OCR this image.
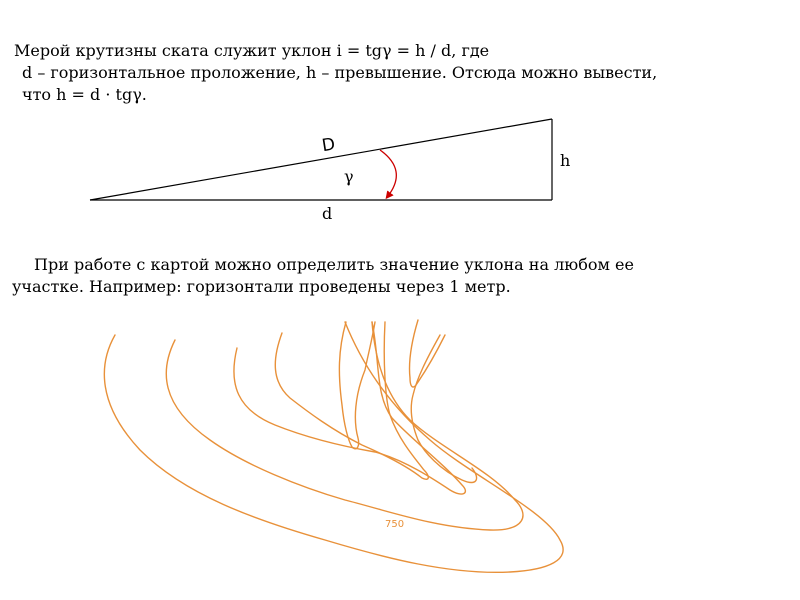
Мерой крутизны ската служит уклон i = tgγ = h / d, где
d – горизонтальное проложение, h – превышение. Отсюда можно вывести,
что h = d · tgγ.
D
h
γ
d
750
При работе с картой можно определить значение уклона на любом ее
участке. Например: горизонтали проведены через 1 метр.
